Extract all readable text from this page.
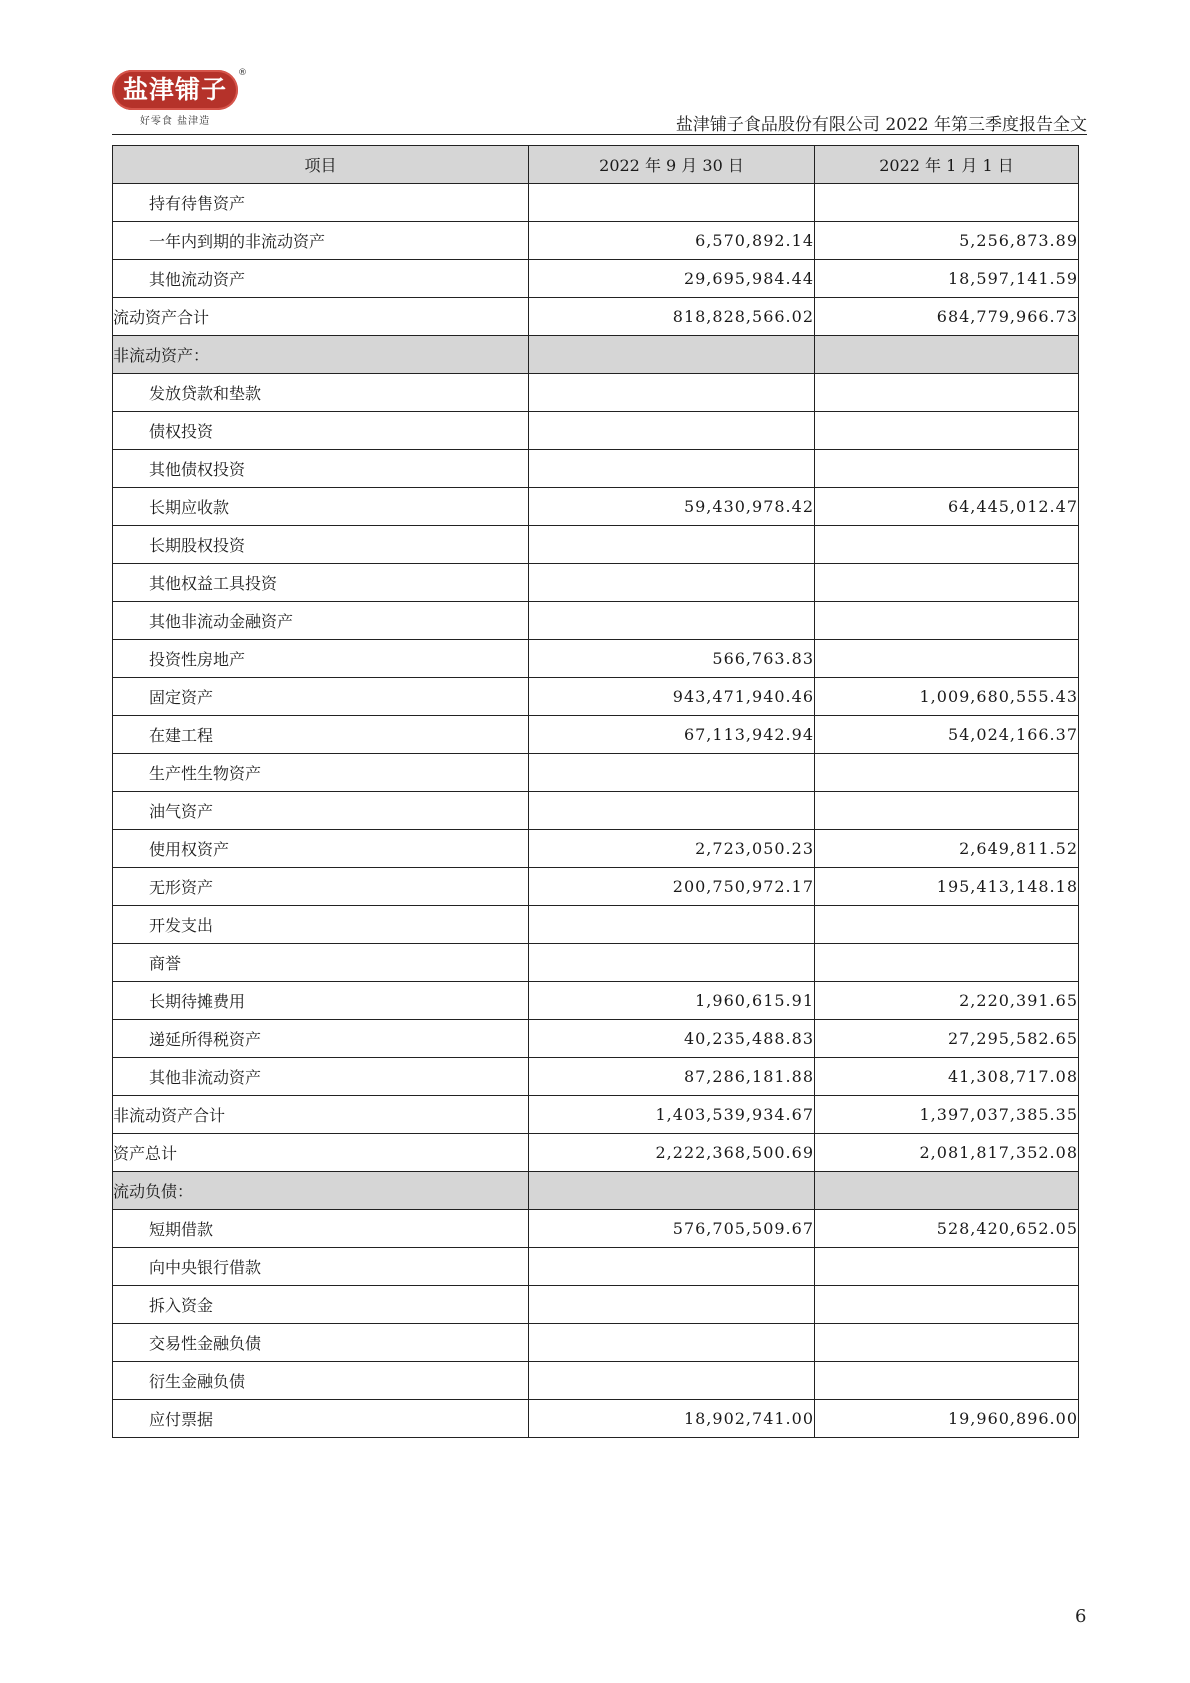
盐津铺子
®
好零食 盐津造	盐津铺子食品股份有限公司 2022 年第三季度报告全文
项目	2022 年 9 月 30 日	2022 年 1 月 1 日
持有待售资产		
一年内到期的非流动资产	6,570,892.14	5,256,873.89
其他流动资产	29,695,984.44	18,597,141.59
流动资产合计	818,828,566.02	684,779,966.73
非流动资产：		
发放贷款和垫款		
债权投资		
其他债权投资		
长期应收款	59,430,978.42	64,445,012.47
长期股权投资		
其他权益工具投资		
其他非流动金融资产		
投资性房地产	566,763.83	
固定资产	943,471,940.46	1,009,680,555.43
在建工程	67,113,942.94	54,024,166.37
生产性生物资产		
油气资产		
使用权资产	2,723,050.23	2,649,811.52
无形资产	200,750,972.17	195,413,148.18
开发支出		
商誉		
长期待摊费用	1,960,615.91	2,220,391.65
递延所得税资产	40,235,488.83	27,295,582.65
其他非流动资产	87,286,181.88	41,308,717.08
非流动资产合计	1,403,539,934.67	1,397,037,385.35
资产总计	2,222,368,500.69	2,081,817,352.08
流动负债：		
短期借款	576,705,509.67	528,420,652.05
向中央银行借款		
拆入资金		
交易性金融负债		
衍生金融负债		
应付票据	18,902,741.00	19,960,896.00
6
